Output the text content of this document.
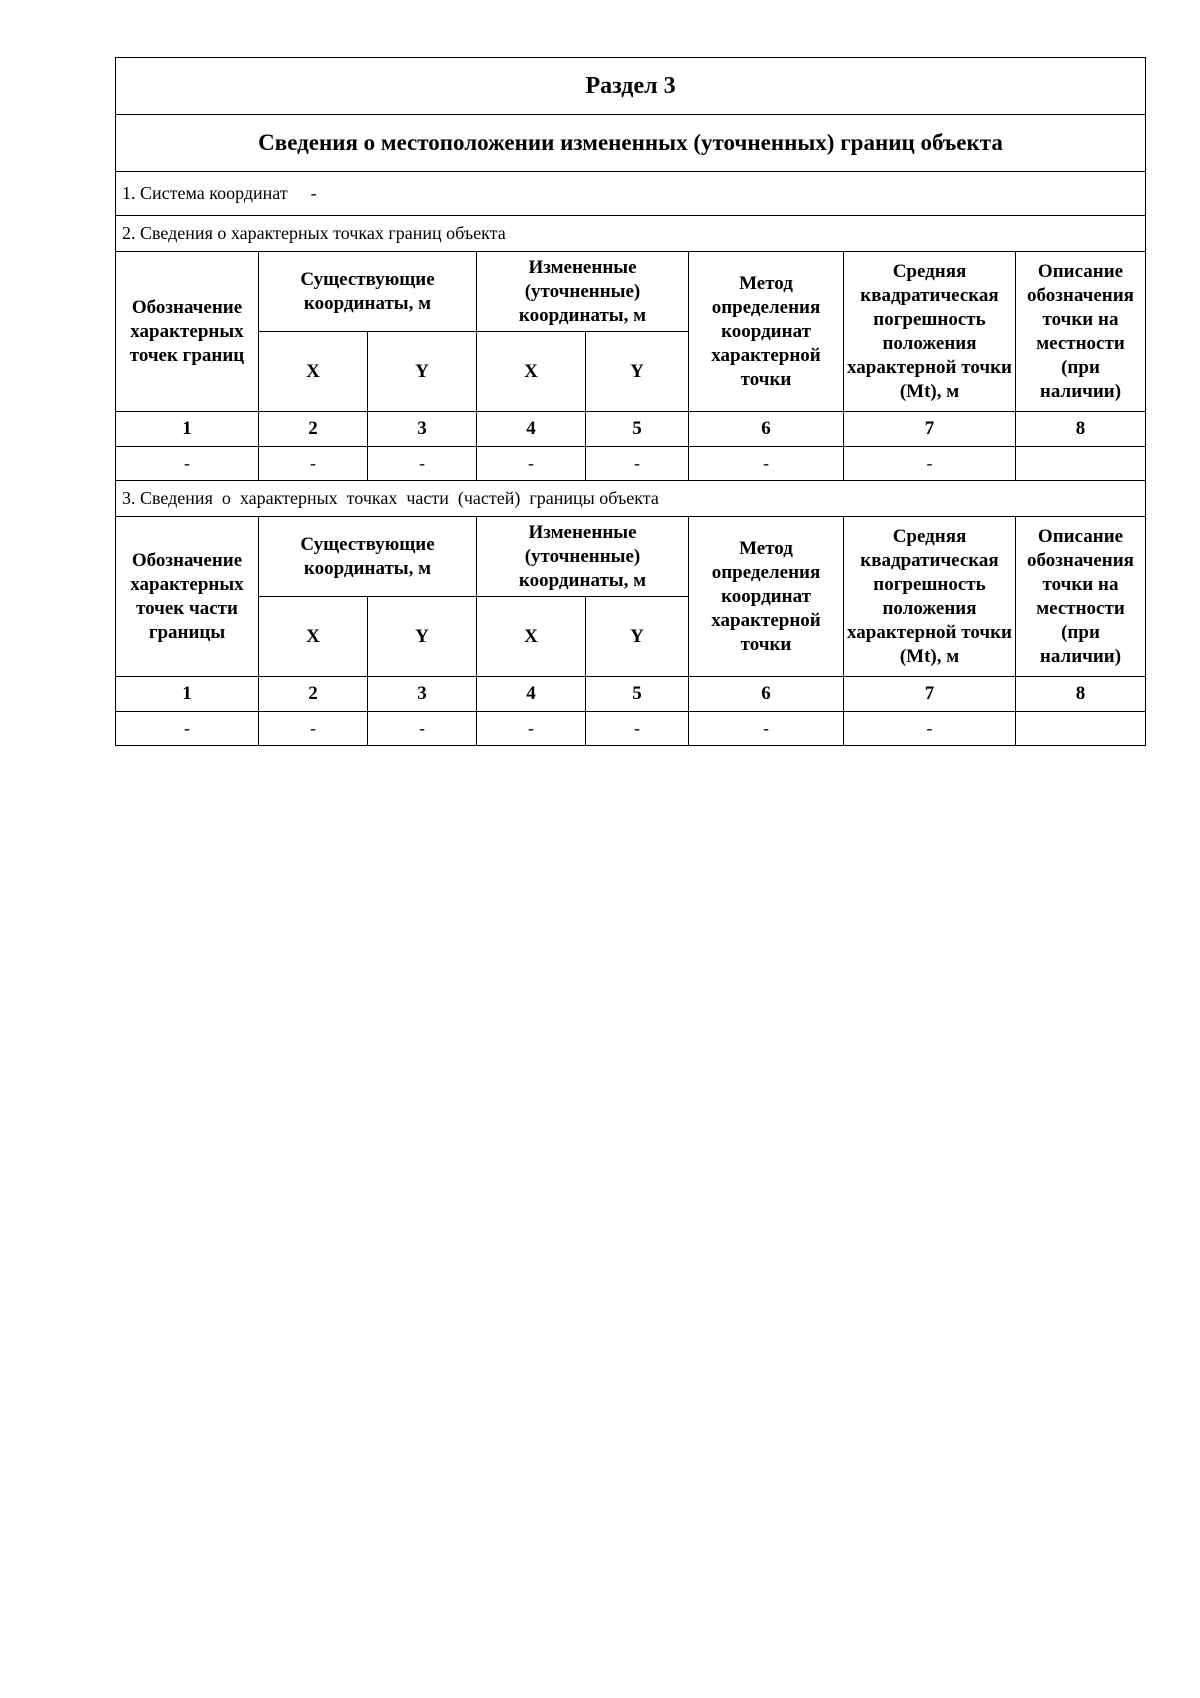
Раздел 3							
Сведения о местоположении измененных (уточненных) границ объекта							
1. Система координат -							
2. Сведения о характерных точках границ объекта							
Обозначение характерных точек границ	Существующие координаты, м		Измененные (уточненные) координаты, м		Метод определения координат характерной точки	Средняя квадратическая погрешность положения характерной точки (Mt), м	Описание обозначения точки на местности (при наличии)
	X	Y	X	Y			
1	2	3	4	5	6	7	8
-	-	-	-	-	-	-	
3. Сведения  о  характерных  точках  части  (частей)  границы объекта							
Обозначение характерных точек части границы	Существующие координаты, м		Измененные (уточненные) координаты, м		Метод определения координат характерной точки	Средняя квадратическая погрешность положения характерной точки (Mt), м	Описание обозначения точки на местности (при наличии)
	X	Y	X	Y			
1	2	3	4	5	6	7	8
-	-	-	-	-	-	-	
